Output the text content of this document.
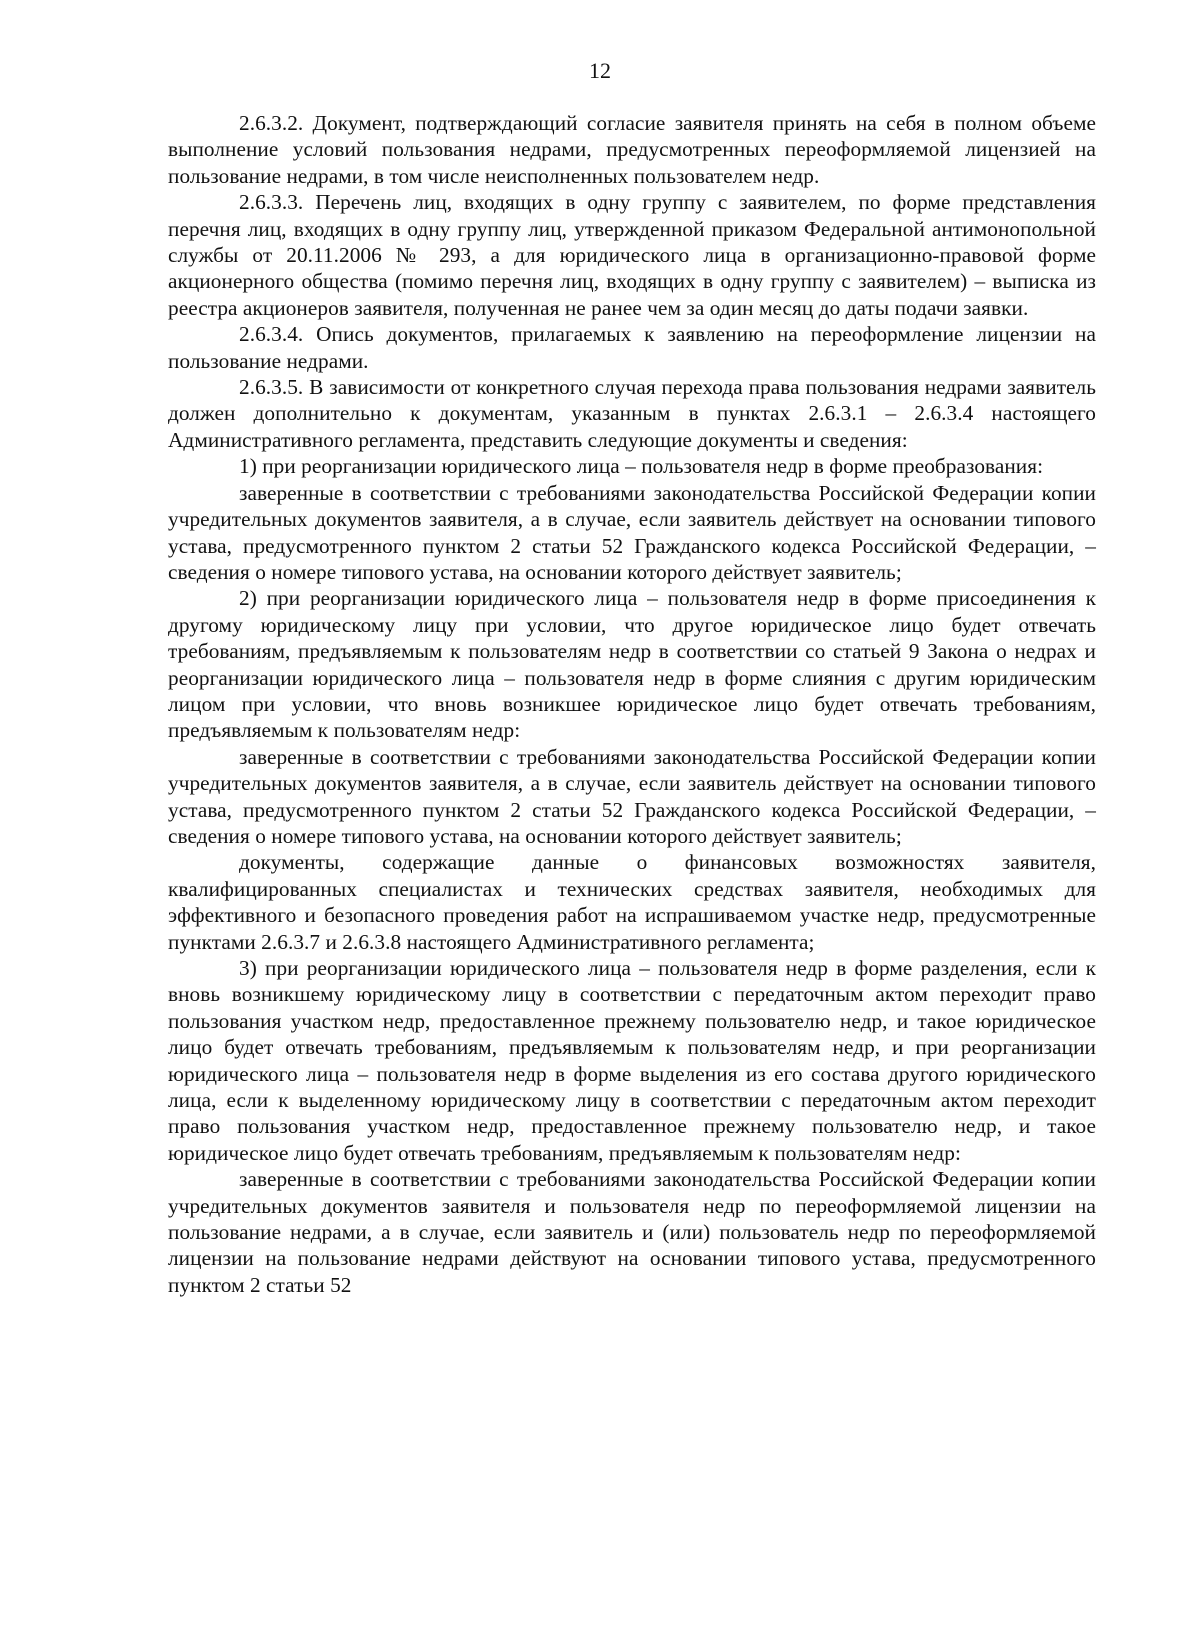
12

2.6.3.2. Документ, подтверждающий согласие заявителя принять на себя в полном объеме выполнение условий пользования недрами, предусмотренных переоформляемой лицензией на пользование недрами, в том числе неисполненных пользователем недр.

2.6.3.3. Перечень лиц, входящих в одну группу с заявителем, по форме представления перечня лиц, входящих в одну группу лиц, утвержденной приказом Федеральной антимонопольной службы от 20.11.2006 № 293, а для юридического лица в организационно-правовой форме акционерного общества (помимо перечня лиц, входящих в одну группу с заявителем) – выписка из реестра акционеров заявителя, полученная не ранее чем за один месяц до даты подачи заявки.

2.6.3.4. Опись документов, прилагаемых к заявлению на переоформление лицензии на пользование недрами.

2.6.3.5. В зависимости от конкретного случая перехода права пользования недрами заявитель должен дополнительно к документам, указанным в пунктах 2.6.3.1 – 2.6.3.4 настоящего Административного регламента, представить следующие документы и сведения:

1) при реорганизации юридического лица – пользователя недр в форме преобразования:

заверенные в соответствии с требованиями законодательства Российской Федерации копии учредительных документов заявителя, а в случае, если заявитель действует на основании типового устава, предусмотренного пунктом 2 статьи 52 Гражданского кодекса Российской Федерации, – сведения о номере типового устава, на основании которого действует заявитель;

2) при реорганизации юридического лица – пользователя недр в форме присоединения к другому юридическому лицу при условии, что другое юридическое лицо будет отвечать требованиям, предъявляемым к пользователям недр в соответствии со статьей 9 Закона о недрах и реорганизации юридического лица – пользователя недр в форме слияния с другим юридическим лицом при условии, что вновь возникшее юридическое лицо будет отвечать требованиям, предъявляемым к пользователям недр:

заверенные в соответствии с требованиями законодательства Российской Федерации копии учредительных документов заявителя, а в случае, если заявитель действует на основании типового устава, предусмотренного пунктом 2 статьи 52 Гражданского кодекса Российской Федерации, – сведения о номере типового устава, на основании которого действует заявитель;

документы, содержащие данные о финансовых возможностях заявителя, квалифицированных специалистах и технических средствах заявителя, необходимых для эффективного и безопасного проведения работ на испрашиваемом участке недр, предусмотренные пунктами 2.6.3.7 и 2.6.3.8 настоящего Административного регламента;

3) при реорганизации юридического лица – пользователя недр в форме разделения, если к вновь возникшему юридическому лицу в соответствии с передаточным актом переходит право пользования участком недр, предоставленное прежнему пользователю недр, и такое юридическое лицо будет отвечать требованиям, предъявляемым к пользователям недр, и при реорганизации юридического лица – пользователя недр в форме выделения из его состава другого юридического лица, если к выделенному юридическому лицу в соответствии с передаточным актом переходит право пользования участком недр, предоставленное прежнему пользователю недр, и такое юридическое лицо будет отвечать требованиям, предъявляемым к пользователям недр:

заверенные в соответствии с требованиями законодательства Российской Федерации копии учредительных документов заявителя и пользователя недр по переоформляемой лицензии на пользование недрами, а в случае, если заявитель и (или) пользователь недр по переоформляемой лицензии на пользование недрами действуют на основании типового устава, предусмотренного пунктом 2 статьи 52
